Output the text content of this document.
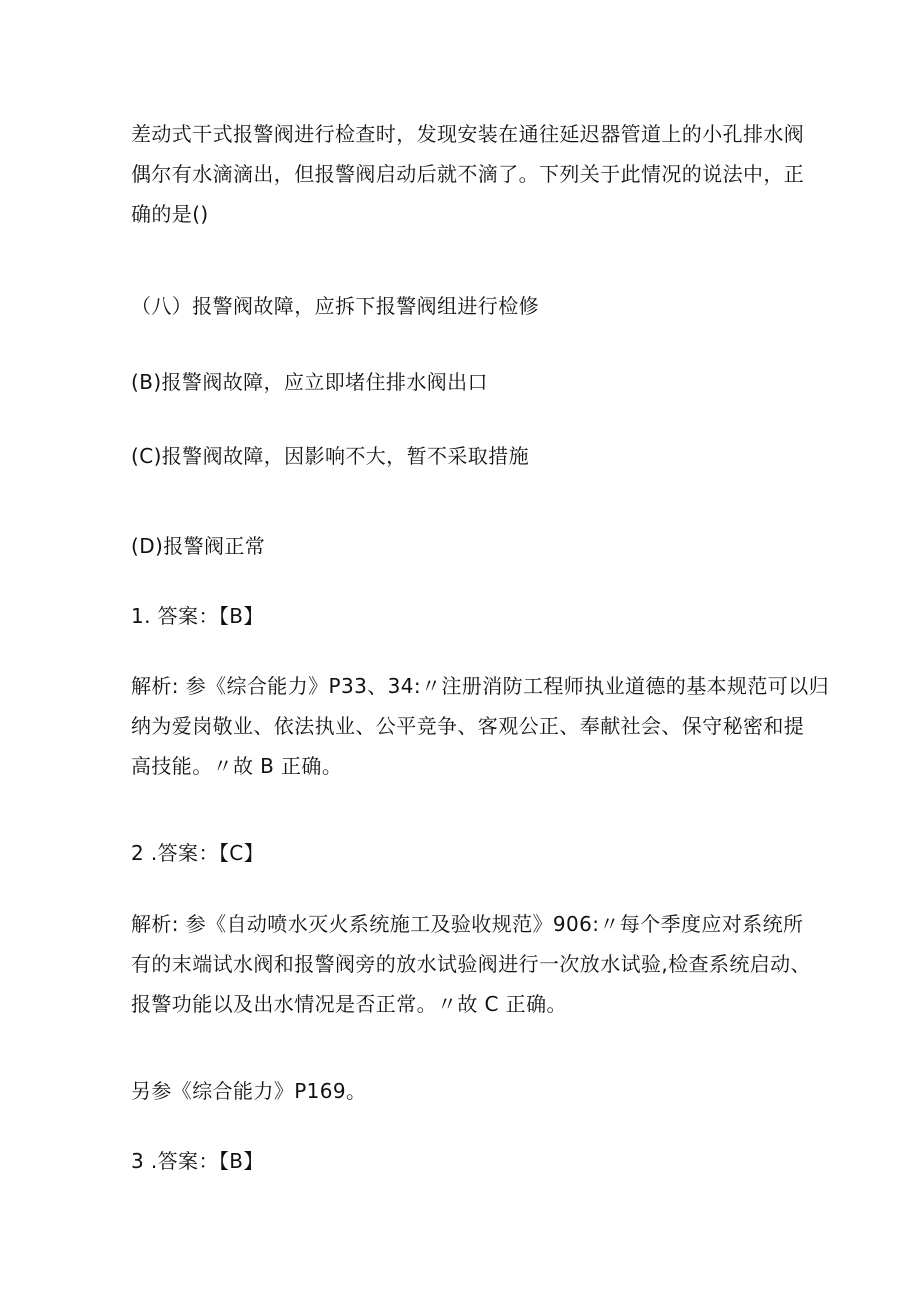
差动式干式报警阀进行检查时，发现安装在通往延迟器管道上的小孔排水阀
偶尔有水滴滴出，但报警阀启动后就不滴了。下列关于此情况的说法中，正
确的是()

（八）报警阀故障，应拆下报警阀组进行检修

(B)报警阀故障，应立即堵住排水阀出口

(C)报警阀故障，因影响不大，暂不采取措施

(D)报警阀正常

1. 答案：【B】

解析: 参《综合能力》P33、34:〃注册消防工程师执业道德的基本规范可以归
纳为爱岗敬业、依法执业、公平竞争、客观公正、奉献社会、保守秘密和提
高技能。〃故 B 正确。

2 .答案：【C】

解析: 参《自动喷水灭火系统施工及验收规范》906:〃每个季度应对系统所
有的末端试水阀和报警阀旁的放水试验阀进行一次放水试验,检查系统启动、
报警功能以及出水情况是否正常。〃故 C 正确。

另参《综合能力》P169。

3 .答案：【B】
